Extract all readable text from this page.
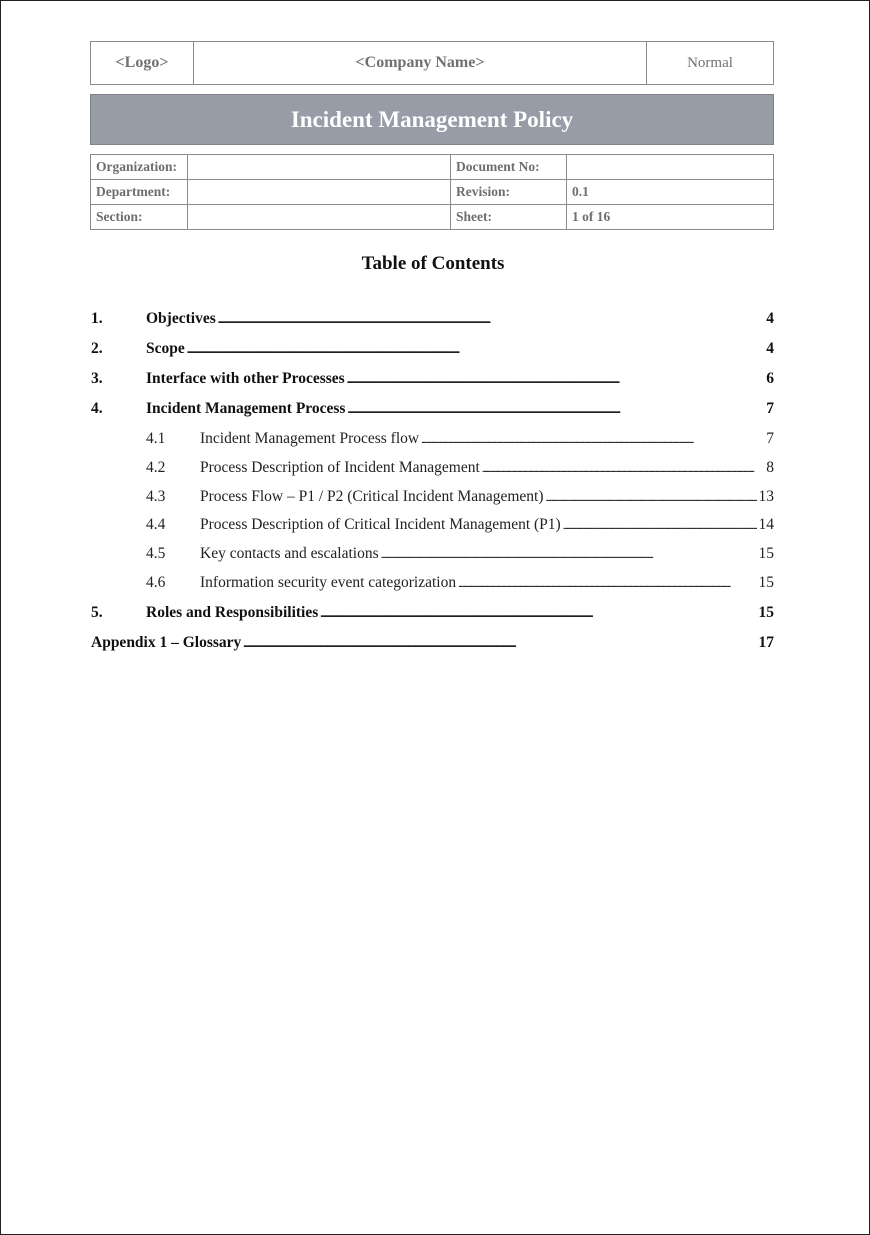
<Logo>	<Company Name>	Normal
Incident Management Policy
Organization:		Document No:	
Department:		Revision:	0.1
Section:		Sheet:	1 of 16
Table of Contents
1.	Objectives . . .	4
2.	Scope . . .	4
3.	Interface with other Processes . . .	6
4.	Incident Management Process . . .	7
4.1	Incident Management Process flow . . .	7
4.2	Process Description of Incident Management . . .	8
4.3	Process Flow – P1 / P2 (Critical Incident Management) . . .	13
4.4	Process Description of Critical Incident Management (P1) . . .	14
4.5	Key contacts and escalations . . .	15
4.6	Information security event categorization . . .	15
5.	Roles and Responsibilities . . .	15
Appendix 1 – Glossary . . .	17
